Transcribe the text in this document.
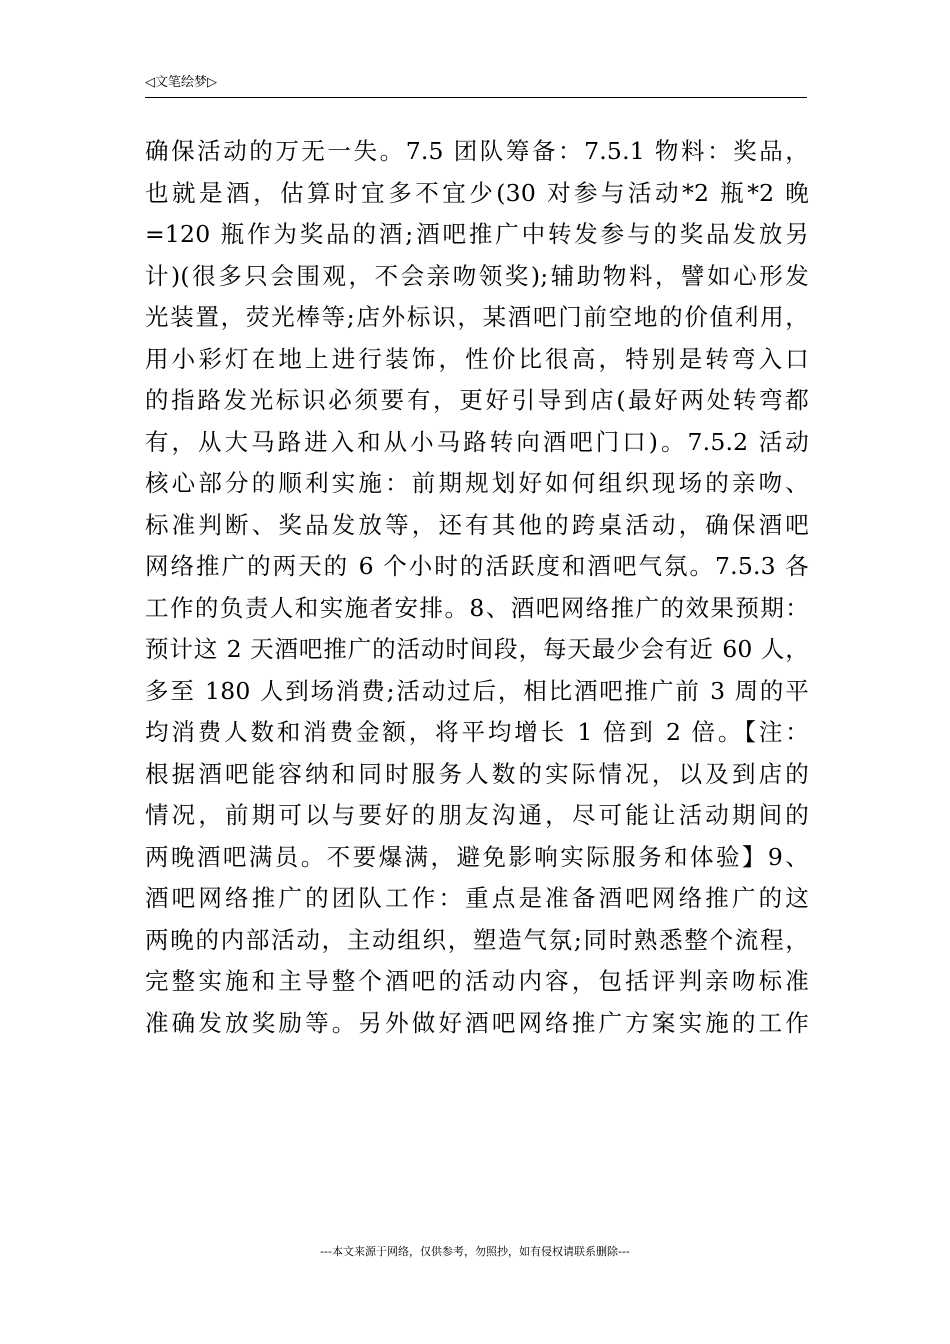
◁文笔绘梦▷
确保活动的万无一失。7.5 团队筹备：7.5.1 物料：奖品，
也就是酒，估算时宜多不宜少(30 对参与活动*2 瓶*2 晚
=120 瓶作为奖品的酒;酒吧推广中转发参与的奖品发放另
计)(很多只会围观，不会亲吻领奖);辅助物料，譬如心形发
光装置，荧光棒等;店外标识，某酒吧门前空地的价值利用，
用小彩灯在地上进行装饰，性价比很高，特别是转弯入口
的指路发光标识必须要有，更好引导到店(最好两处转弯都
有，从大马路进入和从小马路转向酒吧门口)。7.5.2 活动
核心部分的顺利实施：前期规划好如何组织现场的亲吻、
标准判断、奖品发放等，还有其他的跨桌活动，确保酒吧
网络推广的两天的 6 个小时的活跃度和酒吧气氛。7.5.3 各
工作的负责人和实施者安排。8、酒吧网络推广的效果预期：
预计这 2 天酒吧推广的活动时间段，每天最少会有近 60 人，
多至 180 人到场消费;活动过后，相比酒吧推广前 3 周的平
均消费人数和消费金额，将平均增长 1 倍到 2 倍。【注：
根据酒吧能容纳和同时服务人数的实际情况，以及到店的
情况，前期可以与要好的朋友沟通，尽可能让活动期间的
两晚酒吧满员。不要爆满，避免影响实际服务和体验】9、
酒吧网络推广的团队工作：重点是准备酒吧网络推广的这
两晚的内部活动，主动组织，塑造气氛;同时熟悉整个流程，
完整实施和主导整个酒吧的活动内容，包括评判亲吻标准
准确发放奖励等。另外做好酒吧网络推广方案实施的工作
---本文来源于网络，仅供参考，勿照抄，如有侵权请联系删除---
